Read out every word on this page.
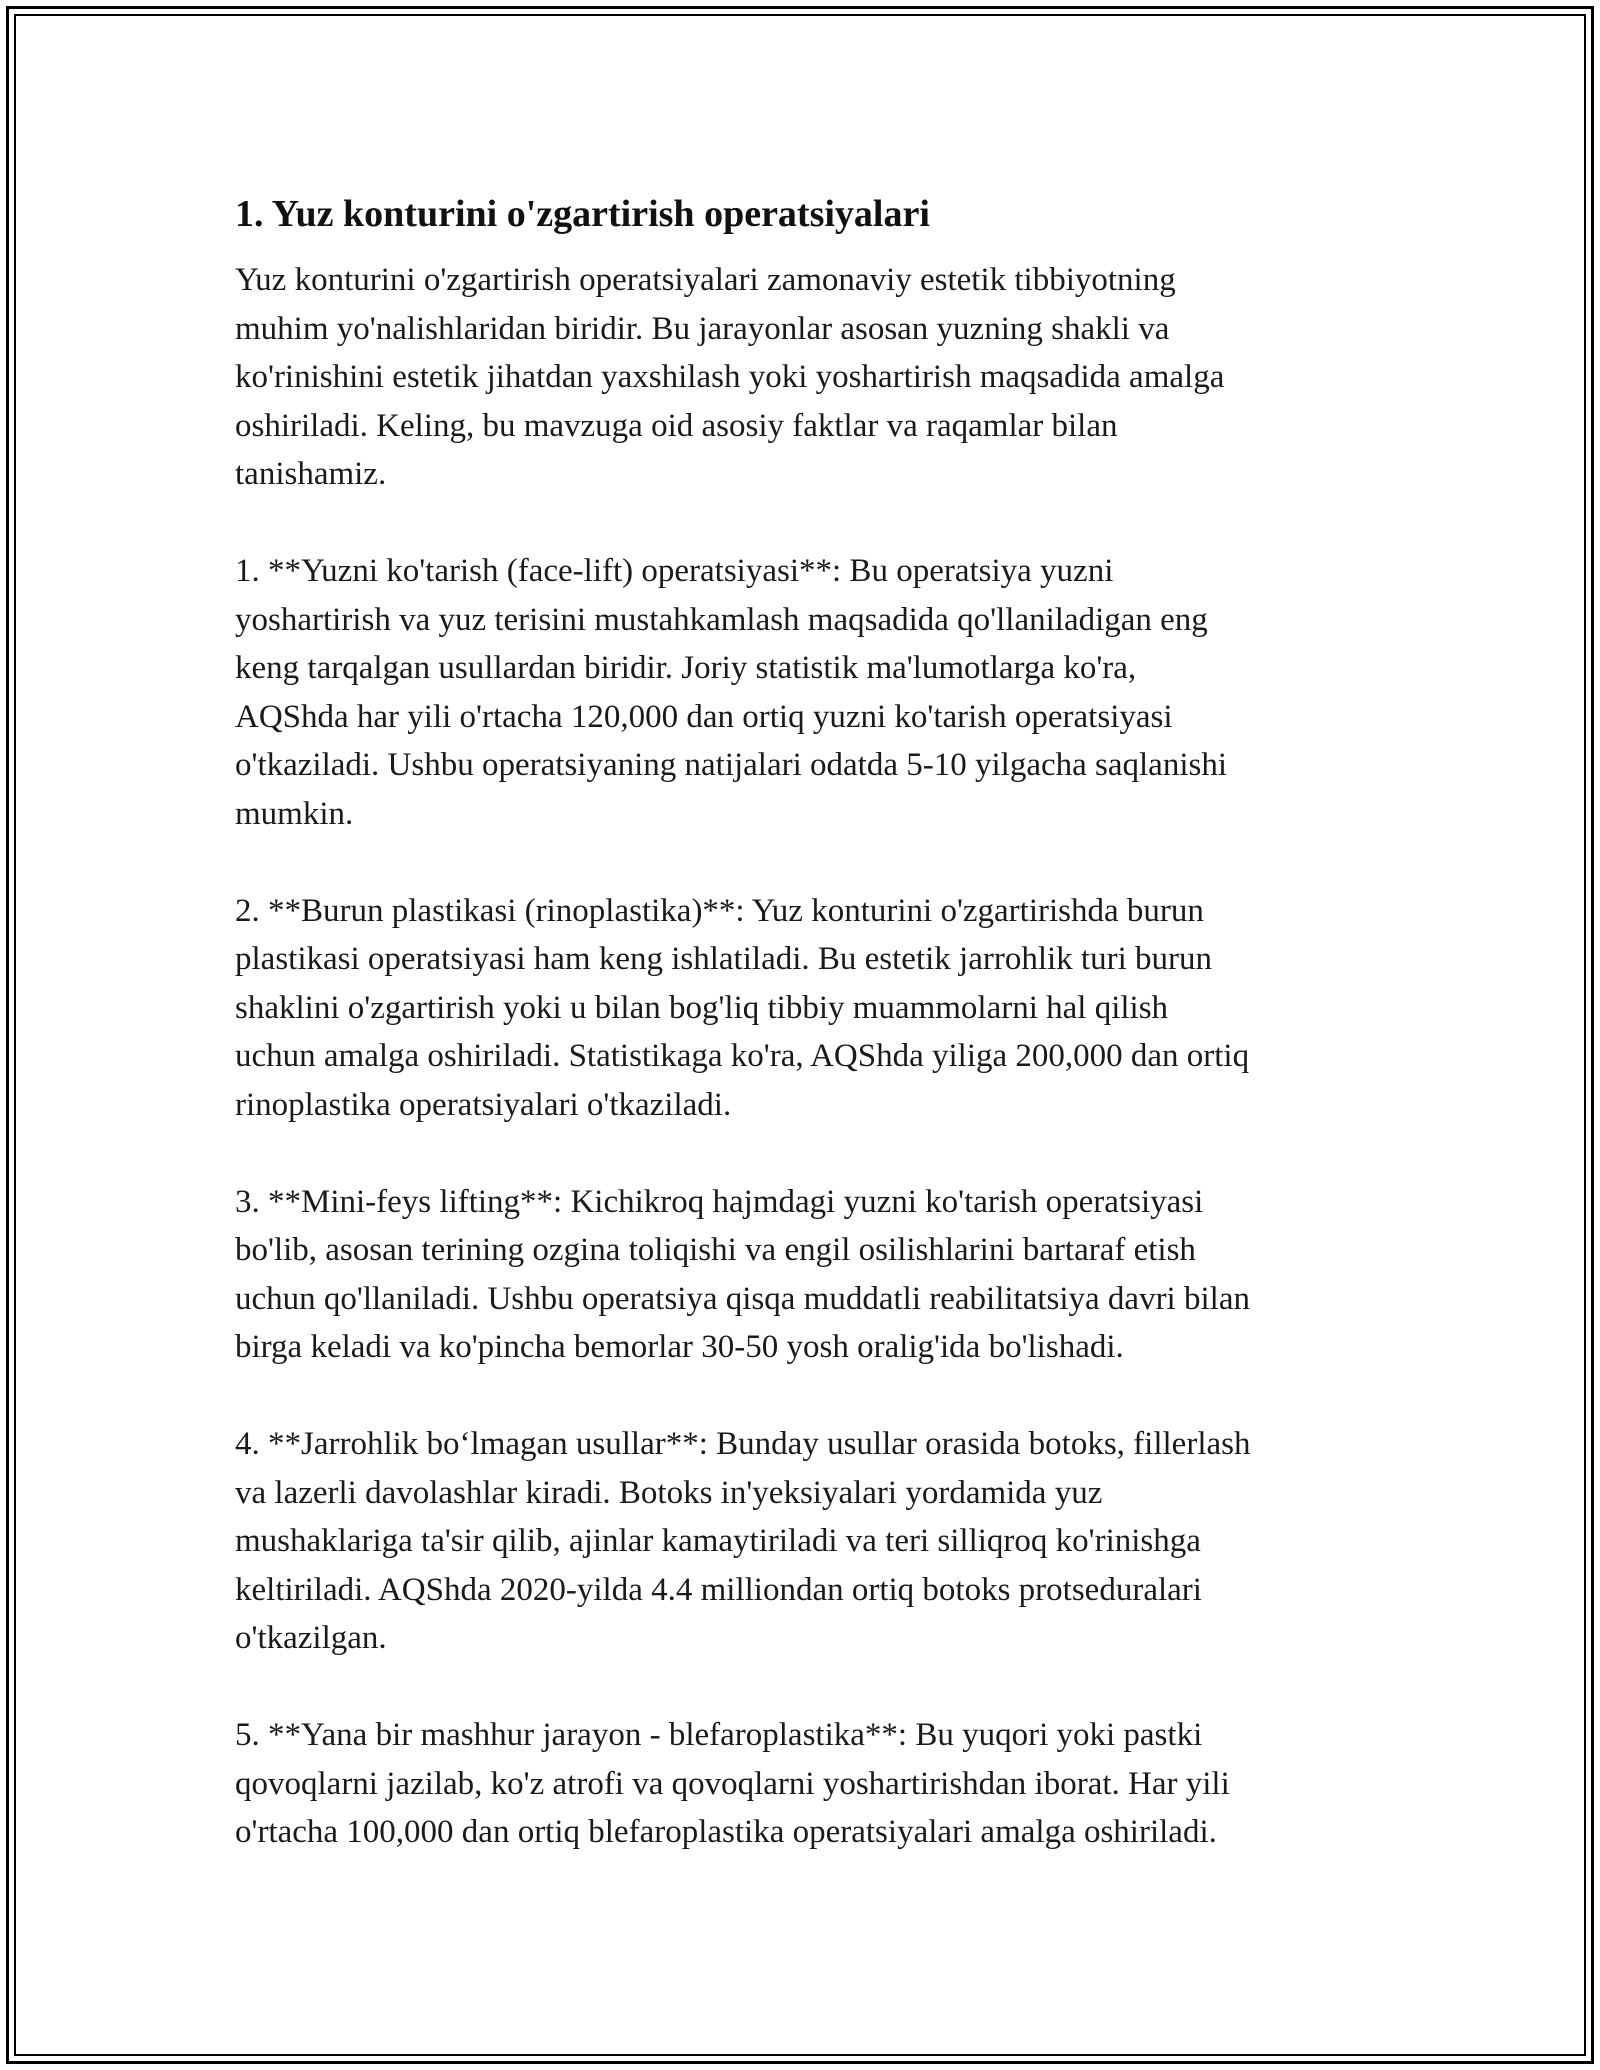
1. Yuz konturini o'zgartirish operatsiyalari

Yuz konturini o'zgartirish operatsiyalari zamonaviy estetik tibbiyotning
muhim yo'nalishlaridan biridir. Bu jarayonlar asosan yuzning shakli va
ko'rinishini estetik jihatdan yaxshilash yoki yoshartirish maqsadida amalga
oshiriladi. Keling, bu mavzuga oid asosiy faktlar va raqamlar bilan
tanishamiz.

1. **Yuzni ko'tarish (face-lift) operatsiyasi**: Bu operatsiya yuzni
yoshartirish va yuz terisini mustahkamlash maqsadida qo'llaniladigan eng
keng tarqalgan usullardan biridir. Joriy statistik ma'lumotlarga ko'ra,
AQShda har yili o'rtacha 120,000 dan ortiq yuzni ko'tarish operatsiyasi
o'tkaziladi. Ushbu operatsiyaning natijalari odatda 5-10 yilgacha saqlanishi
mumkin.

2. **Burun plastikasi (rinoplastika)**: Yuz konturini o'zgartirishda burun
plastikasi operatsiyasi ham keng ishlatiladi. Bu estetik jarrohlik turi burun
shaklini o'zgartirish yoki u bilan bog'liq tibbiy muammolarni hal qilish
uchun amalga oshiriladi. Statistikaga ko'ra, AQShda yiliga 200,000 dan ortiq
rinoplastika operatsiyalari o'tkaziladi.

3. **Mini-feys lifting**: Kichikroq hajmdagi yuzni ko'tarish operatsiyasi
bo'lib, asosan terining ozgina toliqishi va engil osilishlarini bartaraf etish
uchun qo'llaniladi. Ushbu operatsiya qisqa muddatli reabilitatsiya davri bilan
birga keladi va ko'pincha bemorlar 30-50 yosh oralig'ida bo'lishadi.

4. **Jarrohlik bo‘lmagan usullar**: Bunday usullar orasida botoks, fillerlash
va lazerli davolashlar kiradi. Botoks in'yeksiyalari yordamida yuz
mushaklariga ta'sir qilib, ajinlar kamaytiriladi va teri silliqroq ko'rinishga
keltiriladi. AQShda 2020-yilda 4.4 milliondan ortiq botoks protseduralari
o'tkazilgan.

5. **Yana bir mashhur jarayon - blefaroplastika**: Bu yuqori yoki pastki
qovoqlarni jazilab, ko'z atrofi va qovoqlarni yoshartirishdan iborat. Har yili
o'rtacha 100,000 dan ortiq blefaroplastika operatsiyalari amalga oshiriladi.
